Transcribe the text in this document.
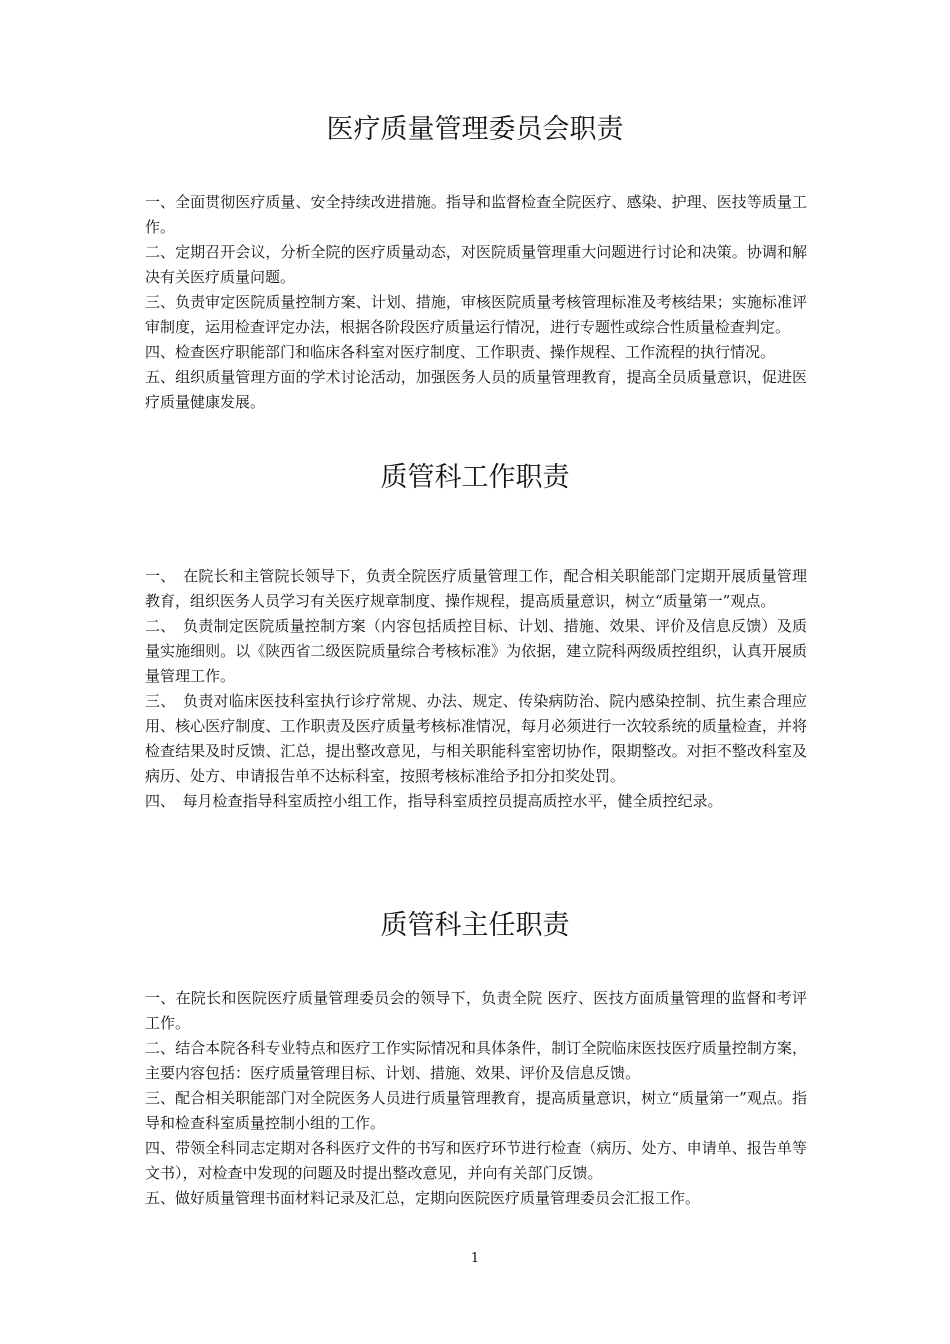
医疗质量管理委员会职责

一、全面贯彻医疗质量、安全持续改进措施。指导和监督检查全院医疗、感染、护理、医技等质量工作。

二、定期召开会议，分析全院的医疗质量动态，对医院质量管理重大问题进行讨论和决策。协调和解决有关医疗质量问题。

三、负责审定医院质量控制方案、计划、措施，审核医院质量考核管理标准及考核结果；实施标准评审制度，运用检查评定办法，根据各阶段医疗质量运行情况，进行专题性或综合性质量检查判定。

四、检查医疗职能部门和临床各科室对医疗制度、工作职责、操作规程、工作流程的执行情况。

五、组织质量管理方面的学术讨论活动，加强医务人员的质量管理教育，提高全员质量意识，促进医疗质量健康发展。

质管科工作职责

一、　在院长和主管院长领导下，负责全院医疗质量管理工作，配合相关职能部门定期开展质量管理教育，组织医务人员学习有关医疗规章制度、操作规程，提高质量意识，树立“质量第一”观点。

二、　负责制定医院质量控制方案（内容包括质控目标、计划、措施、效果、评价及信息反馈）及质量实施细则。以《陕西省二级医院质量综合考核标准》为依据，建立院科两级质控组织，认真开展质量管理工作。

三、　负责对临床医技科室执行诊疗常规、办法、规定、传染病防治、院内感染控制、抗生素合理应用、核心医疗制度、工作职责及医疗质量考核标准情况，每月必须进行一次较系统的质量检查，并将检查结果及时反馈、汇总，提出整改意见，与相关职能科室密切协作，限期整改。对拒不整改科室及病历、处方、申请报告单不达标科室，按照考核标准给予扣分扣奖处罚。

四、　每月检查指导科室质控小组工作，指导科室质控员提高质控水平，健全质控纪录。

质管科主任职责

一、在院长和医院医疗质量管理委员会的领导下，负责全院 医疗、医技方面质量管理的监督和考评工作。

二、结合本院各科专业特点和医疗工作实际情况和具体条件，制订全院临床医技医疗质量控制方案，主要内容包括：医疗质量管理目标、计划、措施、效果、评价及信息反馈。

三、配合相关职能部门对全院医务人员进行质量管理教育，提高质量意识，树立“质量第一”观点。指导和检查科室质量控制小组的工作。

四、带领全科同志定期对各科医疗文件的书写和医疗环节进行检查（病历、处方、申请单、报告单等文书），对检查中发现的问题及时提出整改意见，并向有关部门反馈。

五、做好质量管理书面材料记录及汇总，定期向医院医疗质量管理委员会汇报工作。

1
